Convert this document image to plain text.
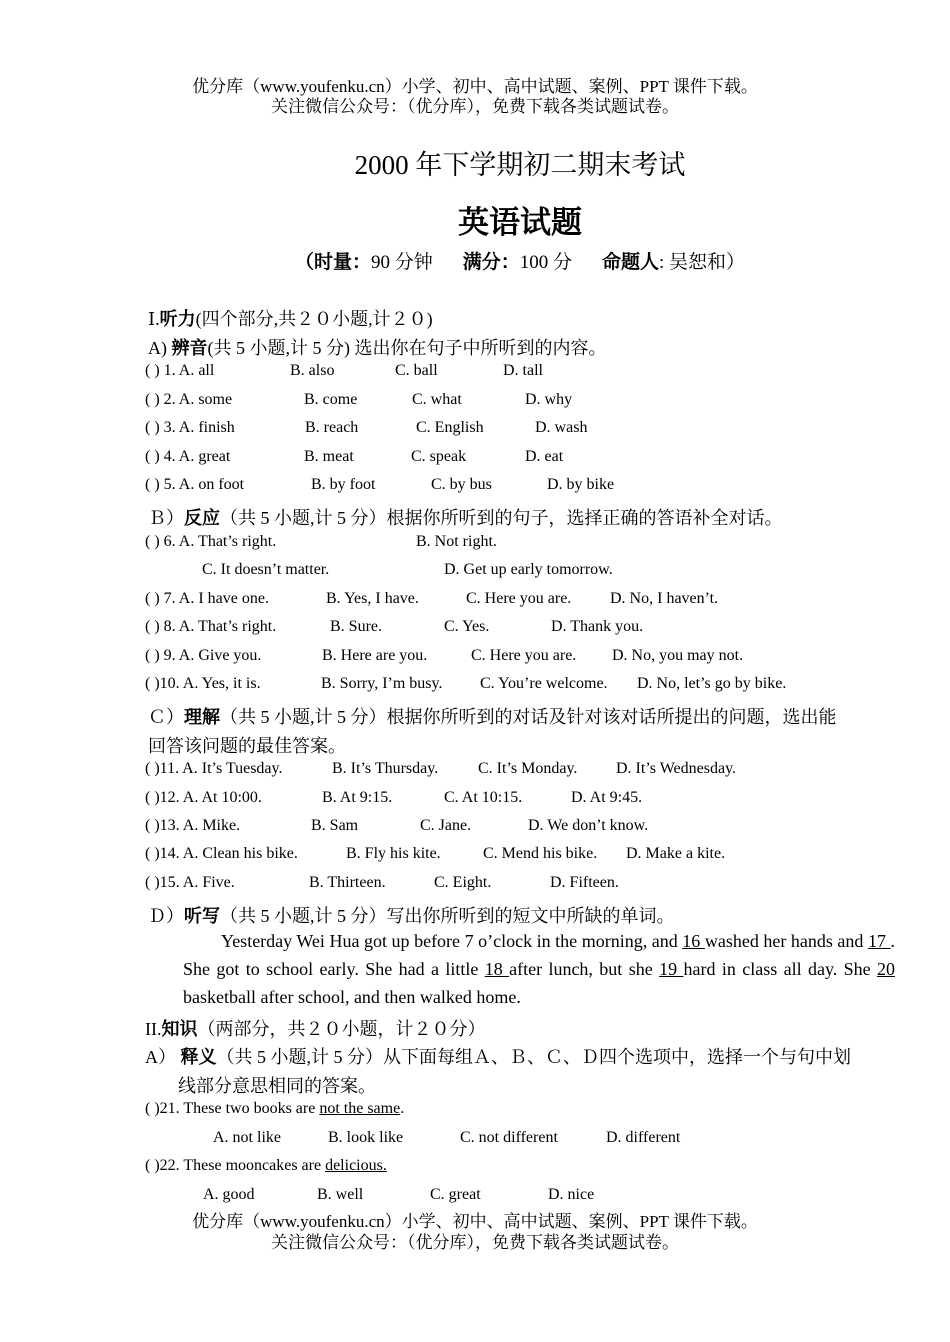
优分库（www.youfenku.cn）小学、初中、高中试题、案例、PPT 课件下载。
关注微信公众号：（优分库），免费下载各类试题试卷。
2000 年下学期初二期末考试
英语试题
（时量：90 分钟 满分：100 分 命题人: 吴恕和）
Ⅰ.听力(四个部分,共２０小题,计２０)
A) 辨音(共 5 小题,计 5 分) 选出你在句子中所听到的内容。
( ) 1. A. all	B. also	C. ball	D. tall
( ) 2. A. some	B. come	C. what	D. why
( ) 3. A. finish	B. reach	C. English	D. wash
( ) 4. A. great	B. meat	C. speak	D. eat
( ) 5. A. on foot	B. by foot	C. by bus	D. by bike
Ｂ）反应（共 5 小题,计 5 分）根据你所听到的句子，选择正确的答语补全对话。
( ) 6. A. That’s right.	B. Not right.
C. It doesn’t matter.	D. Get up early tomorrow.
( ) 7. A. I have one.	B. Yes, I have.	C. Here you are. D. No, I haven’t.
( ) 8. A. That’s right.	B. Sure.	C. Yes.	D. Thank you.
( ) 9. A. Give you.	B. Here are you.	C. Here you are. D. No, you may not.
( )10. A. Yes, it is.	B. Sorry, I’m busy. C. You’re welcome. D. No, let’s go by bike.
Ｃ）理解（共 5 小题,计 5 分）根据你所听到的对话及针对该对话所提出的问题，选出能
回答该问题的最佳答案。
( )11. A. It’s Tuesday.	B. It’s Thursday. C. It’s Monday. D. It’s Wednesday.
( )12. A. At 10:00.	B. At 9:15.	C. At 10:15.	D. At 9:45.
( )13. A. Mike.	B. Sam	C. Jane.	D. We don’t know.
( )14. A. Clean his bike.	B. Fly his kite.	C. Mend his bike. D. Make a kite.
( )15. A. Five.	B. Thirteen.	C. Eight.	D. Fifteen.
Ｄ）听写（共 5 小题,计 5 分）写出你所听到的短文中所缺的单词。
Yesterday Wei Hua got up before 7 o’clock in the morning, and 16 washed her hands and 17 . She got to school early. She had a little 18 after lunch, but she 19 hard in class all day. She 20 basketball after school, and then walked home.
II.知识（两部分，共２０小题，计２０分）
A） 释义（共 5 小题,计 5 分）从下面每组Ａ、Ｂ、Ｃ、Ｄ四个选项中，选择一个与句中划
线部分意思相同的答案。
( )21. These two books are not the same.
A. not like	B. look like	C. not different	D. different
( )22. These mooncakes are delicious.
A. good	B. well	C. great	D. nice
优分库（www.youfenku.cn）小学、初中、高中试题、案例、PPT 课件下载。
关注微信公众号：（优分库），免费下载各类试题试卷。
